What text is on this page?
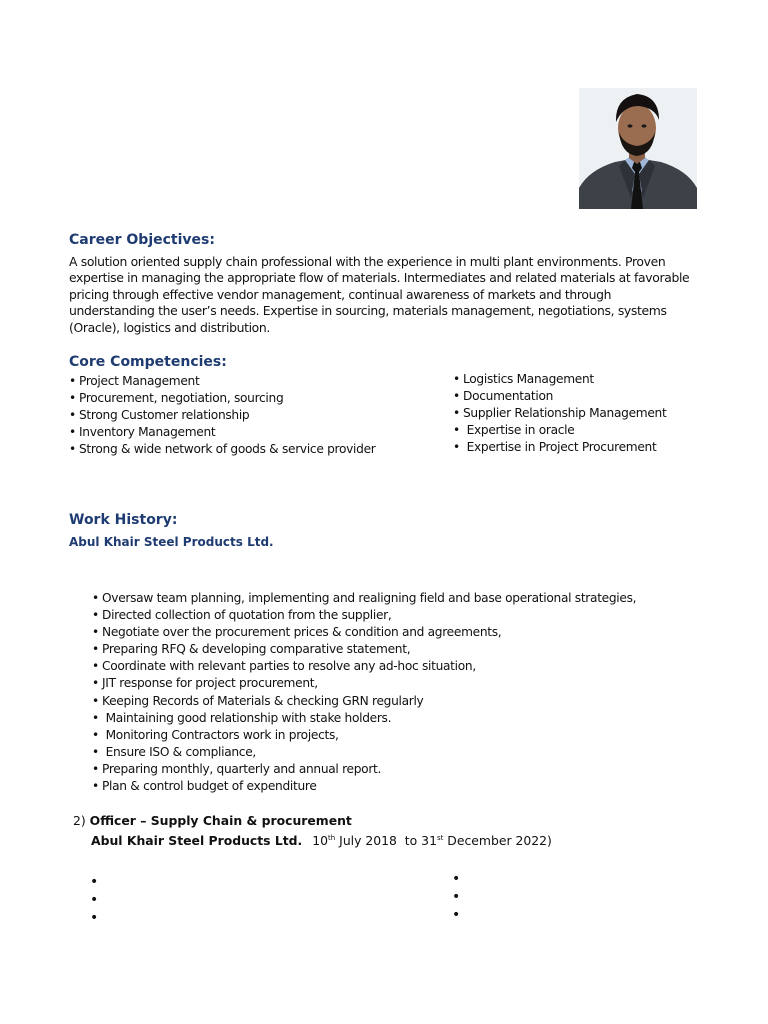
Career Objectives:

A solution oriented supply chain professional with the experience in multi plant environments. Proven expertise in managing the appropriate flow of materials. Intermediates and related materials at favorable pricing through effective vendor management, continual awareness of markets and through understanding the user’s needs. Expertise in sourcing, materials management, negotiations, systems (Oracle), logistics and distribution.

Core Competencies:
• Project Management
• Procurement, negotiation, sourcing
• Strong Customer relationship
• Inventory Management
• Strong & wide network of goods & service provider
• Logistics Management
• Documentation
• Supplier Relationship Management
• Expertise in oracle
• Expertise in Project Procurement
Work History:
Abul Khair Steel Products Ltd.
• Oversaw team planning, implementing and realigning field and base operational strategies,
• Directed collection of quotation from the supplier,
• Negotiate over the procurement prices & condition and agreements,
• Preparing RFQ & developing comparative statement,
• Coordinate with relevant parties to resolve any ad-hoc situation,
• JIT response for project procurement,
• Keeping Records of Materials & checking GRN regularly
• Maintaining good relationship with stake holders.
• Monitoring Contractors work in projects,
• Ensure ISO & compliance,
• Preparing monthly, quarterly and annual report.
• Plan & control budget of expenditure
2) Officer – Supply Chain & procurement
Abul Khair Steel Products Ltd. 10th July 2018  to 31st December 2022)
•
•
•
•
•
•
